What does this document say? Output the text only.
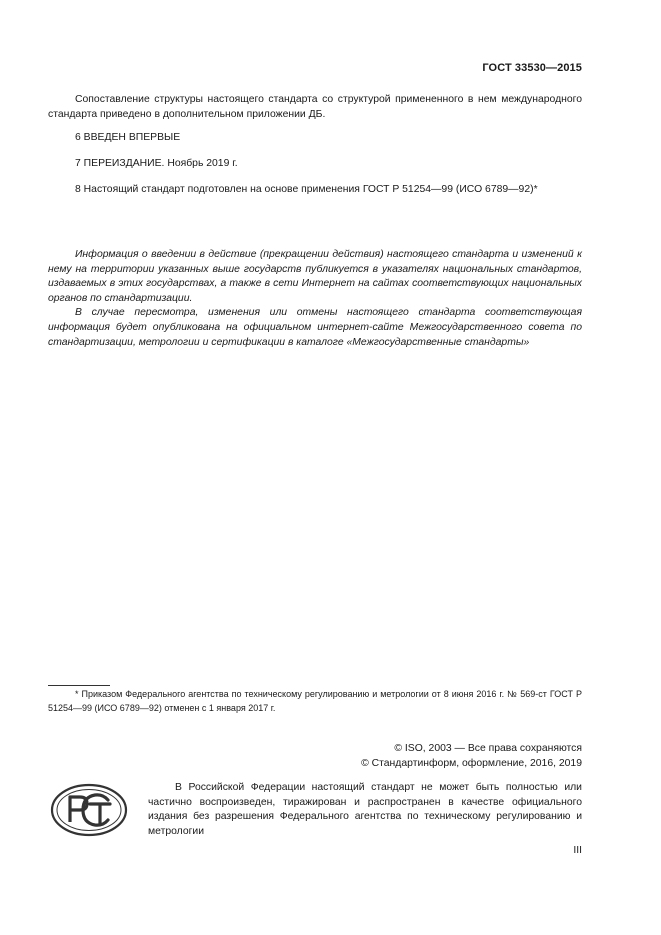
ГОСТ 33530—2015

Сопоставление структуры настоящего стандарта со структурой примененного в нем международного стандарта приведено в дополнительном приложении ДБ.

6 ВВЕДЕН ВПЕРВЫЕ

7 ПЕРЕИЗДАНИЕ. Ноябрь 2019 г.

8 Настоящий стандарт подготовлен на основе применения ГОСТ Р 51254—99 (ИСО 6789—92)*

Информация о введении в действие (прекращении действия) настоящего стандарта и изменений к нему на территории указанных выше государств публикуется в указателях национальных стандартов, издаваемых в этих государствах, а также в сети Интернет на сайтах соответствующих национальных органов по стандартизации.

В случае пересмотра, изменения или отмены настоящего стандарта соответствующая информация будет опубликована на официальном интернет-сайте Межгосударственного совета по стандартизации, метрологии и сертификации в каталоге «Межгосударственные стандарты»

* Приказом Федерального агентства по техническому регулированию и метрологии от 8 июня 2016 г. № 569-ст ГОСТ Р 51254—99 (ИСО 6789—92) отменен с 1 января 2017 г.
© ISO, 2003 — Все права сохраняются
© Стандартинформ, оформление, 2016, 2019
В Российской Федерации настоящий стандарт не может быть полностью или частично воспроизведен, тиражирован и распространен в качестве официального издания без разрешения Федерального агентства по техническому регулированию и метрологии
III
